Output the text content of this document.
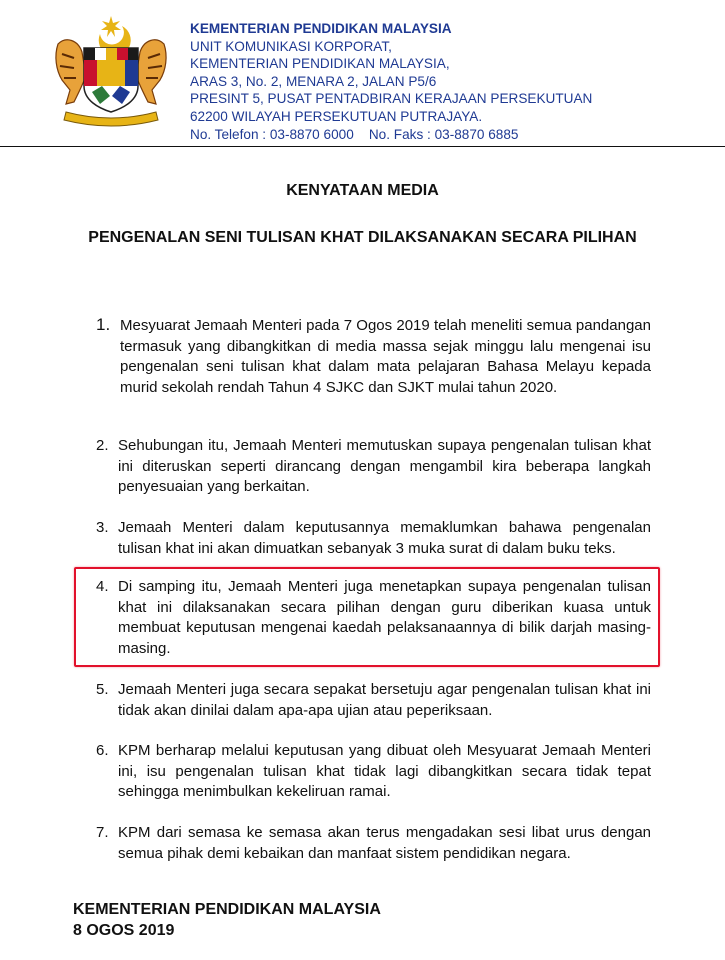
KEMENTERIAN PENDIDIKAN MALAYSIA
UNIT KOMUNIKASI KORPORAT,
KEMENTERIAN PENDIDIKAN MALAYSIA,
ARAS 3, No. 2, MENARA 2, JALAN P5/6
PRESINT 5, PUSAT PENTADBIRAN KERAJAAN PERSEKUTUAN
62200 WILAYAH PERSEKUTUAN PUTRAJAYA.
No. Telefon : 03-8870 6000    No. Faks : 03-8870 6885
KENYATAAN MEDIA
PENGENALAN SENI TULISAN KHAT DILAKSANAKAN SECARA PILIHAN
1. Mesyuarat Jemaah Menteri pada 7 Ogos 2019 telah meneliti semua pandangan termasuk yang dibangkitkan di media massa sejak minggu lalu mengenai isu pengenalan seni tulisan khat dalam mata pelajaran Bahasa Melayu kepada murid sekolah rendah Tahun 4 SJKC dan SJKT mulai tahun 2020.
2. Sehubungan itu, Jemaah Menteri memutuskan supaya pengenalan tulisan khat ini diteruskan seperti dirancang dengan mengambil kira beberapa langkah penyesuaian yang berkaitan.
3. Jemaah Menteri dalam keputusannya memaklumkan bahawa pengenalan tulisan khat ini akan dimuatkan sebanyak 3 muka surat di dalam buku teks.
4. Di samping itu, Jemaah Menteri juga menetapkan supaya pengenalan tulisan khat ini dilaksanakan secara pilihan dengan guru diberikan kuasa untuk membuat keputusan mengenai kaedah pelaksanaannya di bilik darjah masing-masing.
5. Jemaah Menteri juga secara sepakat bersetuju agar pengenalan tulisan khat ini tidak akan dinilai dalam apa-apa ujian atau peperiksaan.
6. KPM berharap melalui keputusan yang dibuat oleh Mesyuarat Jemaah Menteri ini, isu pengenalan tulisan khat tidak lagi dibangkitkan secara tidak tepat sehingga menimbulkan kekeliruan ramai.
7. KPM dari semasa ke semasa akan terus mengadakan sesi libat urus dengan semua pihak demi kebaikan dan manfaat sistem pendidikan negara.
KEMENTERIAN PENDIDIKAN MALAYSIA
8 OGOS 2019
